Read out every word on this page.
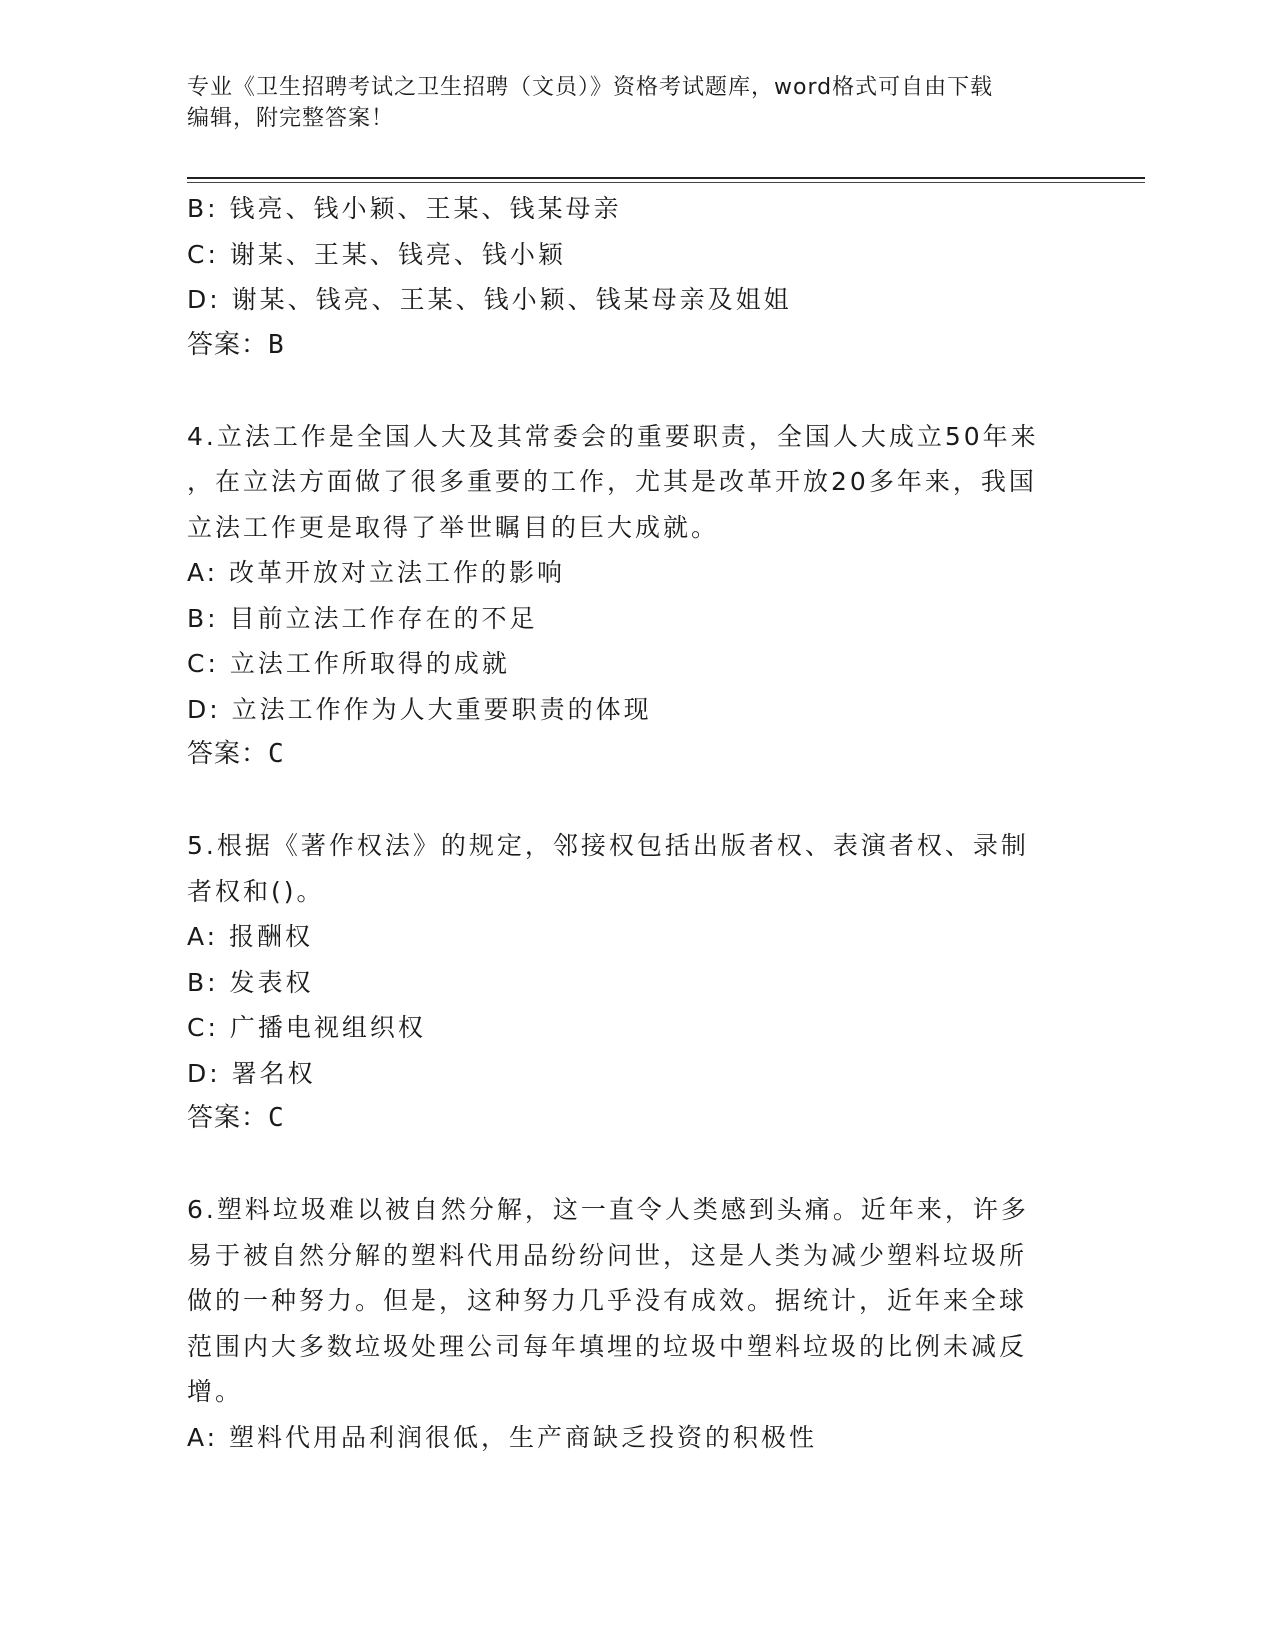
专业《卫生招聘考试之卫生招聘（文员）》资格考试题库，word格式可自由下载
编辑，附完整答案！
B: 钱亮、钱小颖、王某、钱某母亲
C: 谢某、王某、钱亮、钱小颖
D: 谢某、钱亮、王某、钱小颖、钱某母亲及姐姐
答案：B
4.立法工作是全国人大及其常委会的重要职责，全国人大成立50年来
，在立法方面做了很多重要的工作，尤其是改革开放20多年来，我国
立法工作更是取得了举世瞩目的巨大成就。
A: 改革开放对立法工作的影响
B: 目前立法工作存在的不足
C: 立法工作所取得的成就
D: 立法工作作为人大重要职责的体现
答案：C
5.根据《著作权法》的规定，邻接权包括出版者权、表演者权、录制
者权和()。
A: 报酬权
B: 发表权
C: 广播电视组织权
D: 署名权
答案：C
6.塑料垃圾难以被自然分解，这一直令人类感到头痛。近年来，许多
易于被自然分解的塑料代用品纷纷问世，这是人类为减少塑料垃圾所
做的一种努力。但是，这种努力几乎没有成效。据统计，近年来全球
范围内大多数垃圾处理公司每年填埋的垃圾中塑料垃圾的比例未减反
增。
A: 塑料代用品利润很低，生产商缺乏投资的积极性
